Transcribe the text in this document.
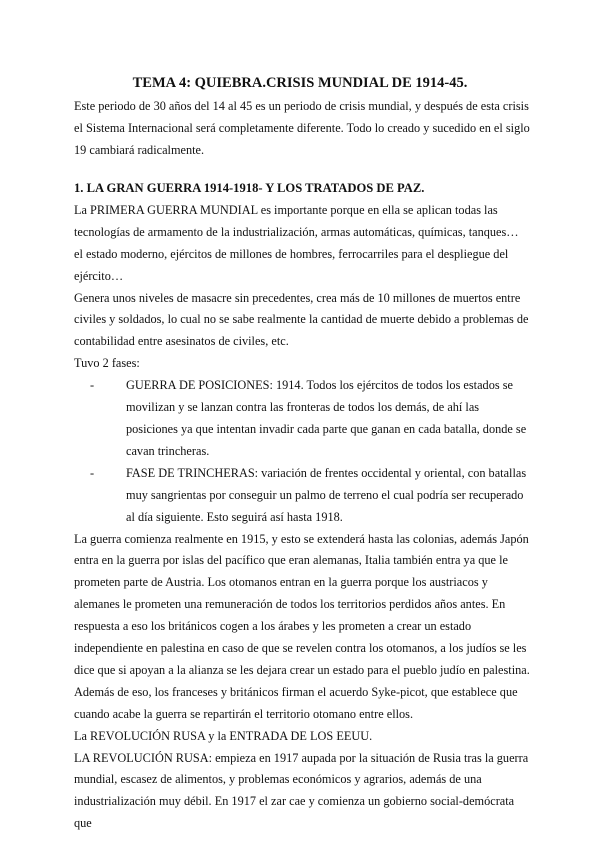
TEMA 4: QUIEBRA.CRISIS MUNDIAL DE 1914-45.

Este periodo de 30 años del 14 al 45 es un periodo de crisis mundial, y después de esta crisis el Sistema Internacional será completamente diferente. Todo lo creado y sucedido en el siglo 19 cambiará radicalmente.

1. LA GRAN GUERRA 1914-1918- Y LOS TRATADOS DE PAZ.

La PRIMERA GUERRA MUNDIAL es importante porque en ella se aplican todas las tecnologías de armamento de la industrialización, armas automáticas, químicas, tanques… el estado moderno, ejércitos de millones de hombres, ferrocarriles para el despliegue del ejército…

Genera unos niveles de masacre sin precedentes, crea más de 10 millones de muertos entre civiles y soldados, lo cual no se sabe realmente la cantidad de muerte debido a problemas de contabilidad entre asesinatos de civiles, etc.

Tuvo 2 fases:

-	GUERRA DE POSICIONES: 1914. Todos los ejércitos de todos los estados se movilizan y se lanzan contra las fronteras de todos los demás, de ahí las posiciones ya que intentan invadir cada parte que ganan en cada batalla, donde se cavan trincheras.
-	FASE DE TRINCHERAS: variación de frentes occidental y oriental, con batallas muy sangrientas por conseguir un palmo de terreno el cual podría ser recuperado al día siguiente. Esto seguirá así hasta 1918.

La guerra comienza realmente en 1915, y esto se extenderá hasta las colonias, además Japón entra en la guerra por islas del pacífico que eran alemanas, Italia también entra ya que le prometen parte de Austria. Los otomanos entran en la guerra porque los austriacos y alemanes le prometen una remuneración de todos los territorios perdidos años antes. En respuesta a eso los británicos cogen a los árabes y les prometen a crear un estado independiente en palestina en caso de que se revelen contra los otomanos, a los judíos se les dice que si apoyan a la alianza se les dejara crear un estado para el pueblo judío en palestina. Además de eso, los franceses y británicos firman el acuerdo Syke-picot, que establece que cuando acabe la guerra se repartirán el territorio otomano entre ellos.

La REVOLUCIÓN RUSA y la ENTRADA DE LOS EEUU.

LA REVOLUCIÓN RUSA: empieza en 1917 aupada por la situación de Rusia tras la guerra mundial, escasez de alimentos, y problemas económicos y agrarios, además de una industrialización muy débil. En 1917 el zar cae y comienza un gobierno social-demócrata que
